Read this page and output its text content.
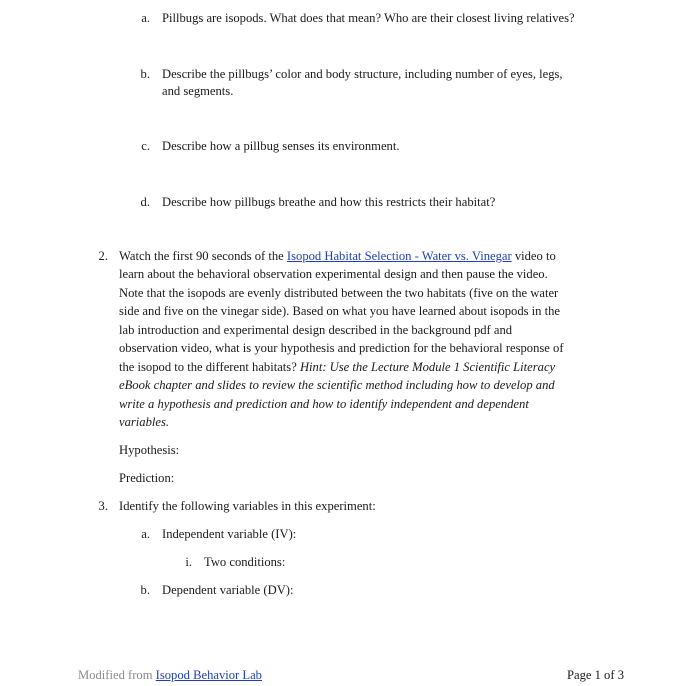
a. Pillbugs are isopods. What does that mean? Who are their closest living relatives?
b. Describe the pillbugs’ color and body structure, including number of eyes, legs,
and segments.
c. Describe how a pillbug senses its environment.
d. Describe how pillbugs breathe and how this restricts their habitat?
2. Watch the first 90 seconds of the Isopod Habitat Selection - Water vs. Vinegar video to
learn about the behavioral observation experimental design and then pause the video.
Note that the isopods are evenly distributed between the two habitats (five on the water
side and five on the vinegar side). Based on what you have learned about isopods in the
lab introduction and experimental design described in the background pdf and
observation video, what is your hypothesis and prediction for the behavioral response of
the isopod to the different habitats? Hint: Use the Lecture Module 1 Scientific Literacy
eBook chapter and slides to review the scientific method including how to develop and
write a hypothesis and prediction and how to identify independent and dependent
variables.
Hypothesis:
Prediction:
3. Identify the following variables in this experiment:
a. Independent variable (IV):
i. Two conditions:
b. Dependent variable (DV):
Modified from Isopod Behavior Lab	Page 1 of 3
